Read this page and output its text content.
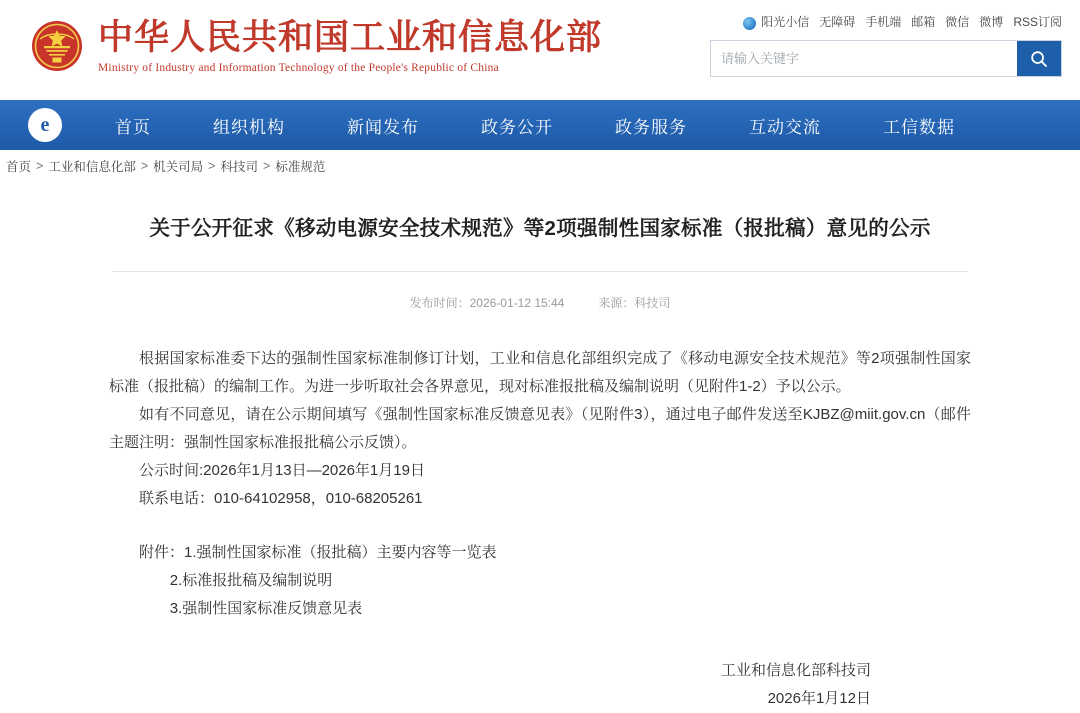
中华人民共和国工业和信息化部
Ministry of Industry and Information Technology of the People's Republic of China
阳光小信 无障碍 手机端 邮箱 微信 微博 RSS订阅
请输入关键字
e	首页	组织机构	新闻发布	政务公开	政务服务	互动交流	工信数据
首页 > 工业和信息化部 > 机关司局 > 科技司 > 标准规范
关于公开征求《移动电源安全技术规范》等2项强制性国家标准（报批稿）意见的公示
发布时间：2026-01-12 15:44	来源：科技司

根据国家标准委下达的强制性国家标准制修订计划，工业和信息化部组织完成了《移动电源安全技术规范》等2项强制性国家标准（报批稿）的编制工作。为进一步听取社会各界意见，现对标准报批稿及编制说明（见附件1-2）予以公示。

如有不同意见，请在公示期间填写《强制性国家标准反馈意见表》（见附件3），通过电子邮件发送至KJBZ@miit.gov.cn（邮件主题注明：强制性国家标准报批稿公示反馈）。

公示时间:2026年1月13日—2026年1月19日

联系电话：010-64102958，010-68205261

附件：1.强制性国家标准（报批稿）主要内容等一览表

2.标准报批稿及编制说明

3.强制性国家标准反馈意见表

工业和信息化部科技司
2026年1月12日
